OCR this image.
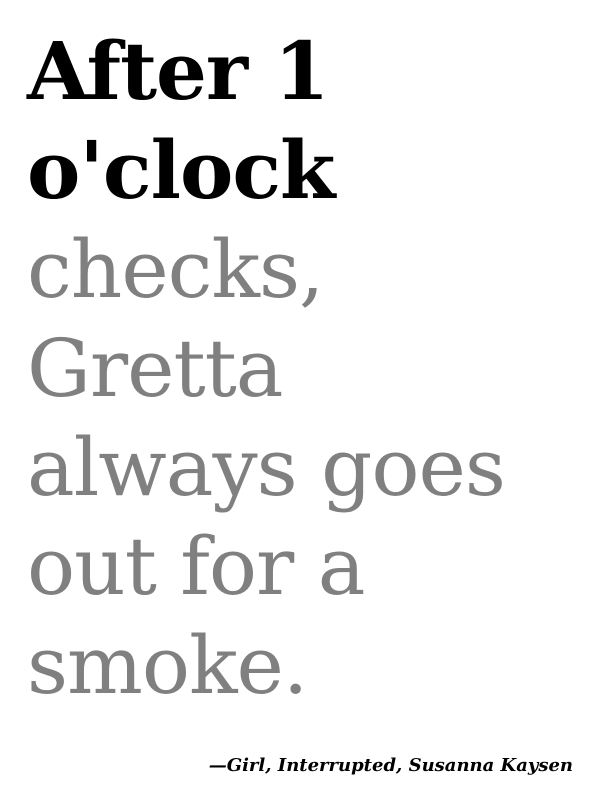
After 1
o'clock
checks,
Gretta
always goes
out for a
smoke.

—Girl, Interrupted, Susanna Kaysen
